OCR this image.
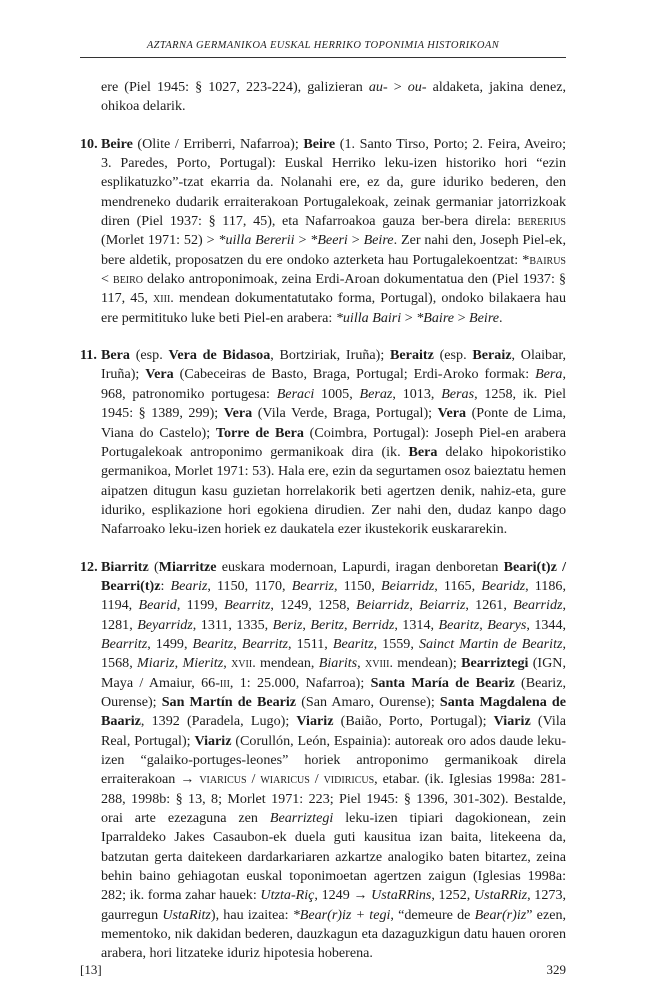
AZTARNA GERMANIKOA EUSKAL HERRIKO TOPONIMIA HISTORIKOAN

ere (Piel 1945: § 1027, 223-224), galizieran au- > ou- aldaketa, jakina denez, ohikoa delarik.

10. Beire (Olite / Erriberri, Nafarroa); Beire (1. Santo Tirso, Porto; 2. Feira, Aveiro; 3. Paredes, Porto, Portugal): Euskal Herriko leku-izen historiko hori “ezin esplikatuzko”-tzat ekarria da. Nolanahi ere, ez da, gure iduriko bederen, den mendreneko dudarik erraiterakoan Portugalekoak, zeinak germaniar jatorrizkoak diren (Piel 1937: § 117, 45), eta Nafarroakoa gauza ber-bera direla: bererius (Morlet 1971: 52) > *uilla Bererii > *Beeri > Beire. Zer nahi den, Joseph Piel-ek, bere aldetik, proposatzen du ere ondoko azterketa hau Portugalekoentzat: *bairus < beiro delako antroponimoak, zeina Erdi-Aroan dokumentatua den (Piel 1937: § 117, 45, xiii. mendean dokumentatutako forma, Portugal), ondoko bilakaera hau ere permitituko luke beti Piel-en arabera: *uilla Bairi > *Baire > Beire.

11. Bera (esp. Vera de Bidasoa, Bortziriak, Iruña); Beraitz (esp. Beraiz, Olaibar, Iruña); Vera (Cabeceiras de Basto, Braga, Portugal; Erdi-Aroko formak: Bera, 968, patronomiko portugesa: Beraci 1005, Beraz, 1013, Beras, 1258, ik. Piel 1945: § 1389, 299); Vera (Vila Verde, Braga, Portugal); Vera (Ponte de Lima, Viana do Castelo); Torre de Bera (Coimbra, Portugal): Joseph Piel-en arabera Portugalekoak antroponimo germanikoak dira (ik. Bera delako hipokoristiko germanikoa, Morlet 1971: 53). Hala ere, ezin da segurtamen osoz baieztatu hemen aipatzen ditugun kasu guzietan horrelakorik beti agertzen denik, nahiz-eta, gure iduriko, esplikazione hori egokiena dirudien. Zer nahi den, dudaz kanpo dago Nafarroako leku-izen horiek ez daukatela ezer ikustekorik euskararekin.

12. Biarritz (Miarritze euskara modernoan, Lapurdi, iragan denboretan Beari(t)z / Bearri(t)z: Beariz, 1150, 1170, Bearriz, 1150, Beiarridz, 1165, Bearidz, 1186, 1194, Bearid, 1199, Bearritz, 1249, 1258, Beiarridz, Beiarriz, 1261, Bearridz, 1281, Beyarridz, 1311, 1335, Beriz, Beritz, Berridz, 1314, Bearitz, Bearys, 1344, Bearritz, 1499, Bearitz, Bearritz, 1511, Bearitz, 1559, Sainct Martin de Bearitz, 1568, Miariz, Mieritz, xvii. mendean, Biarits, xviii. mendean); Bearriztegi (IGN, Maya / Amaiur, 66-iii, 1: 25.000, Nafarroa); Santa María de Beariz (Beariz, Ourense); San Martín de Beariz (San Amaro, Ourense); Santa Magdalena de Baariz, 1392 (Paradela, Lugo); Viariz (Baião, Porto, Portugal); Viariz (Vila Real, Portugal); Viariz (Corullón, León, Espainia): autoreak oro ados daude leku-izen “galaiko-portuges-leones” horiek antroponimo germanikoak direla erraiterakoan → viaricus / wiaricus / vidiricus, etabar. (ik. Iglesias 1998a: 281-288, 1998b: § 13, 8; Morlet 1971: 223; Piel 1945: § 1396, 301-302). Bestalde, orai arte ezezaguna zen Bearriztegi leku-izen tipiari dagokionean, zein Iparraldeko Jakes Casaubon-ek duela guti kausitua izan baita, litekeena da, batzutan gerta daitekeen dardarkariaren azkartze analogiko baten bitartez, zeina behin baino gehiagotan euskal toponimoetan agertzen zaigun (Iglesias 1998a: 282; ik. forma zahar hauek: Utzta-Riç, 1249 → UstaRRins, 1252, UstaRRiz, 1273, gaurregun UstaRitz), hau izaitea: *Bear(r)iz + tegi, “demeure de Bear(r)iz” ezen, mementoko, nik dakidan bederen, dauzkagun eta dazaguzkigun datu hauen ororen arabera, hori litzateke iduriz hipotesia hoberena.

[13]	329
